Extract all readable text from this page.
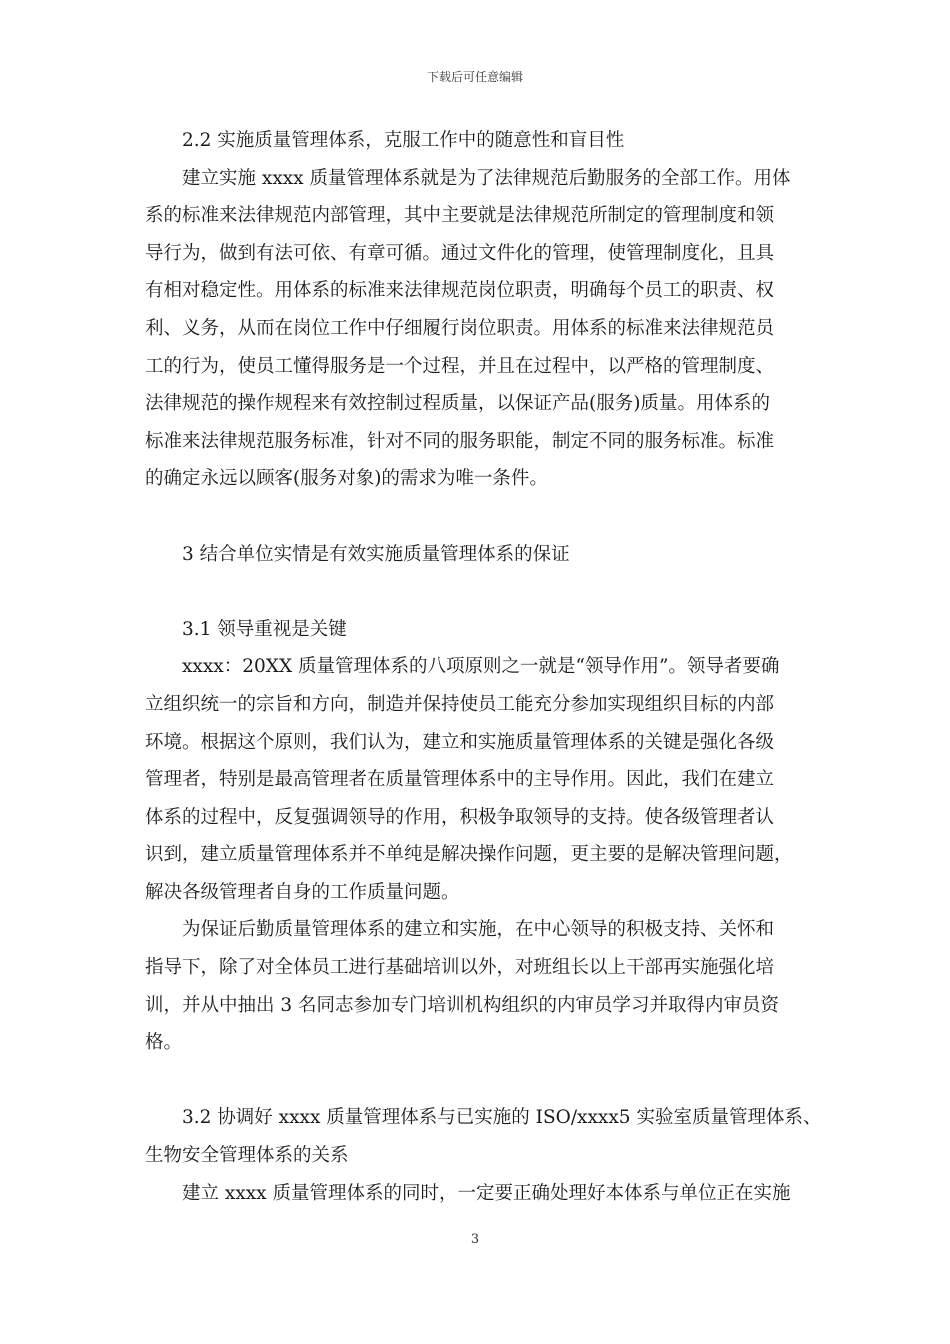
下载后可任意编辑
2.2 实施质量管理体系，克服工作中的随意性和盲目性
建立实施 xxxx 质量管理体系就是为了法律规范后勤服务的全部工作。用体
系的标准来法律规范内部管理，其中主要就是法律规范所制定的管理制度和领
导行为，做到有法可依、有章可循。通过文件化的管理，使管理制度化，且具
有相对稳定性。用体系的标准来法律规范岗位职责，明确每个员工的职责、权
利、义务，从而在岗位工作中仔细履行岗位职责。用体系的标准来法律规范员
工的行为，使员工懂得服务是一个过程，并且在过程中，以严格的管理制度、
法律规范的操作规程来有效控制过程质量，以保证产品(服务)质量。用体系的
标准来法律规范服务标准，针对不同的服务职能，制定不同的服务标准。标准
的确定永远以顾客(服务对象)的需求为唯一条件。
3 结合单位实情是有效实施质量管理体系的保证
3.1 领导重视是关键
xxxx：20XX 质量管理体系的八项原则之一就是“领导作用”。领导者要确
立组织统一的宗旨和方向，制造并保持使员工能充分参加实现组织目标的内部
环境。根据这个原则，我们认为，建立和实施质量管理体系的关键是强化各级
管理者，特别是最高管理者在质量管理体系中的主导作用。因此，我们在建立
体系的过程中，反复强调领导的作用，积极争取领导的支持。使各级管理者认
识到，建立质量管理体系并不单纯是解决操作问题，更主要的是解决管理问题，
解决各级管理者自身的工作质量问题。
为保证后勤质量管理体系的建立和实施，在中心领导的积极支持、关怀和
指导下，除了对全体员工进行基础培训以外，对班组长以上干部再实施强化培
训，并从中抽出 3 名同志参加专门培训机构组织的内审员学习并取得内审员资
格。
3.2 协调好 xxxx 质量管理体系与已实施的 ISO/xxxx5 实验室质量管理体系、
生物安全管理体系的关系
建立 xxxx 质量管理体系的同时，一定要正确处理好本体系与单位正在实施
3
